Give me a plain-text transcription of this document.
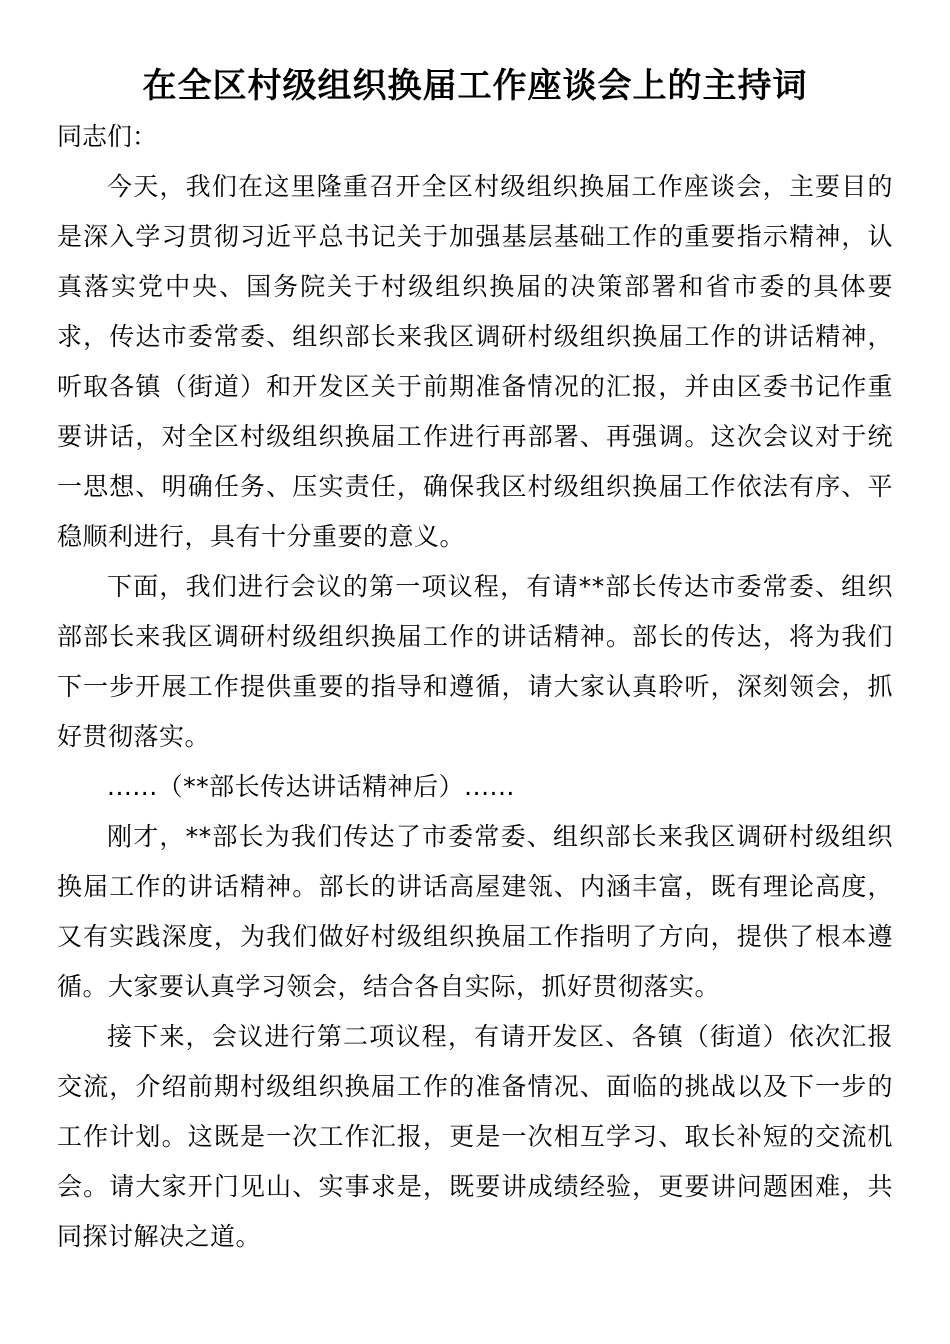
在全区村级组织换届工作座谈会上的主持词

同志们：

今天，我们在这里隆重召开全区村级组织换届工作座谈会，主要目的是深入学习贯彻习近平总书记关于加强基层基础工作的重要指示精神，认真落实党中央、国务院关于村级组织换届的决策部署和省市委的具体要求，传达市委常委、组织部长来我区调研村级组织换届工作的讲话精神，听取各镇（街道）和开发区关于前期准备情况的汇报，并由区委书记作重要讲话，对全区村级组织换届工作进行再部署、再强调。这次会议对于统一思想、明确任务、压实责任，确保我区村级组织换届工作依法有序、平稳顺利进行，具有十分重要的意义。

下面，我们进行会议的第一项议程，有请**部长传达市委常委、组织部部长来我区调研村级组织换届工作的讲话精神。部长的传达，将为我们下一步开展工作提供重要的指导和遵循，请大家认真聆听，深刻领会，抓好贯彻落实。

......（**部长传达讲话精神后）......

刚才，**部长为我们传达了市委常委、组织部长来我区调研村级组织换届工作的讲话精神。部长的讲话高屋建瓴、内涵丰富，既有理论高度，又有实践深度，为我们做好村级组织换届工作指明了方向，提供了根本遵循。大家要认真学习领会，结合各自实际，抓好贯彻落实。

接下来，会议进行第二项议程，有请开发区、各镇（街道）依次汇报交流，介绍前期村级组织换届工作的准备情况、面临的挑战以及下一步的工作计划。这既是一次工作汇报，更是一次相互学习、取长补短的交流机会。请大家开门见山、实事求是，既要讲成绩经验，更要讲问题困难，共同探讨解决之道。
